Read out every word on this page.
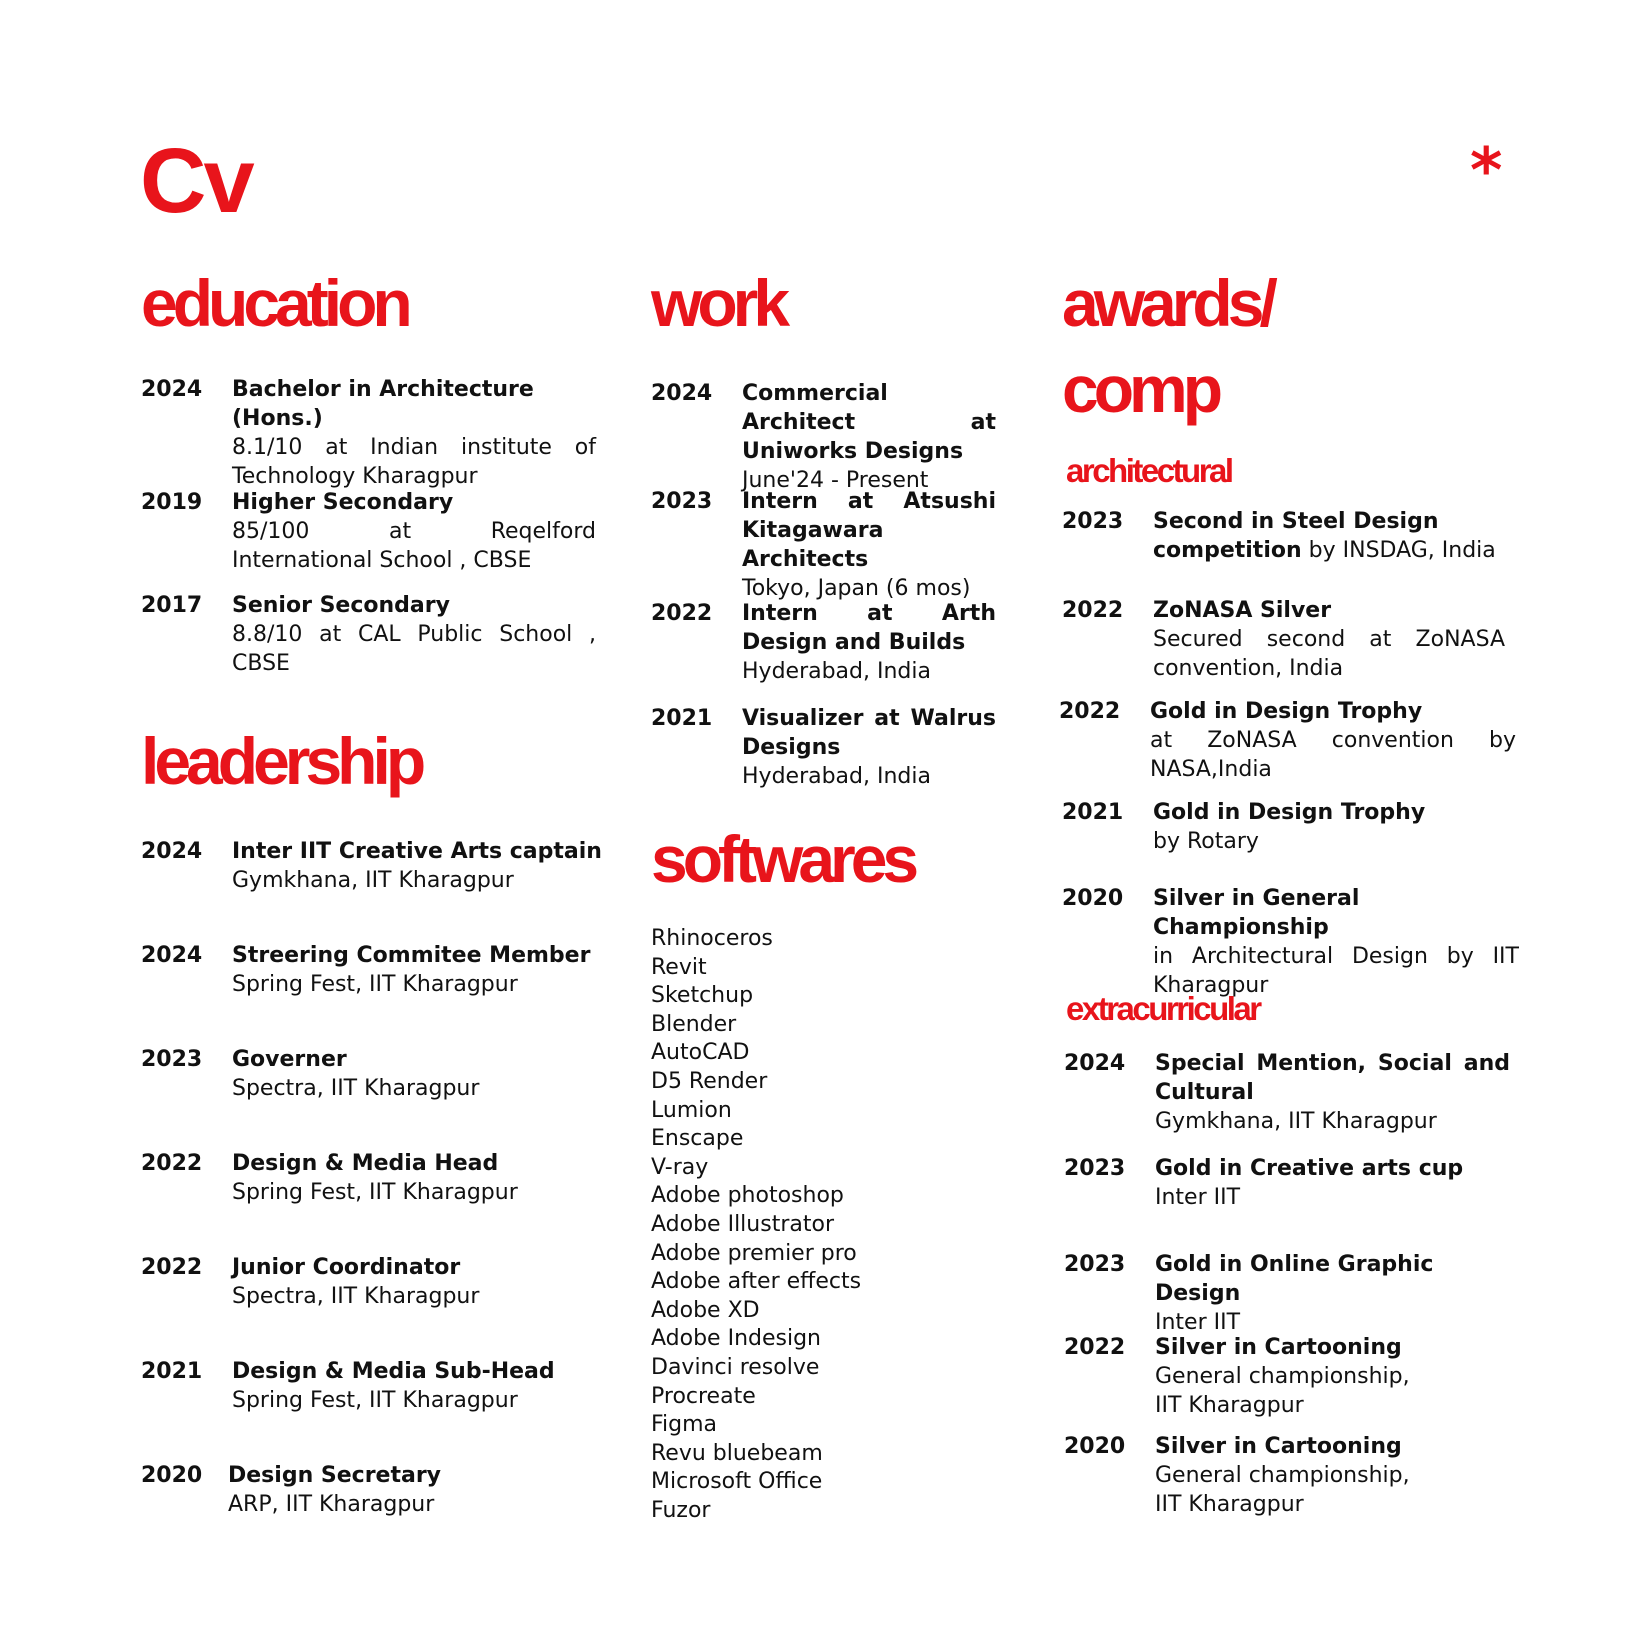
Cv	*
education
2024	Bachelor in Architecture (Hons.)
8.1/10 at Indian institute of Technology Kharagpur
2019	Higher Secondary
85/100 at Reqelford International School , CBSE
2017	Senior Secondary
8.8/10 at CAL Public School , CBSE
leadership
2024	Inter IIT Creative Arts captain
Gymkhana, IIT Kharagpur
2024	Streering Commitee Member
Spring Fest, IIT Kharagpur
2023	Governer
Spectra, IIT Kharagpur
2022	Design & Media Head
Spring Fest, IIT Kharagpur
2022	Junior Coordinator
Spectra, IIT Kharagpur
2021	Design & Media Sub-Head
Spring Fest, IIT Kharagpur
2020	Design Secretary
ARP, IIT Kharagpur
work
2024	Commercial Architect at Uniworks Designs
June'24 - Present
2023	Intern at Atsushi Kitagawara Architects
Tokyo, Japan (6 mos)
2022	Intern at Arth Design and Builds
Hyderabad, India
2021	Visualizer at Walrus Designs
Hyderabad, India
softwares
Rhinoceros
Revit
Sketchup
Blender
AutoCAD
D5 Render
Lumion
Enscape
V-ray
Adobe photoshop
Adobe Illustrator
Adobe premier pro
Adobe after effects
Adobe XD
Adobe Indesign
Davinci resolve
Procreate
Figma
Revu bluebeam
Microsoft Office
Fuzor
awards/
comp
architectural
2023	Second in Steel Design competition by INSDAG, India
2022	ZoNASA Silver
Secured second at ZoNASA convention, India
2022	Gold in Design Trophy
at ZoNASA convention by NASA,India
2021	Gold in Design Trophy
by Rotary
2020	Silver in General Championship
in Architectural Design by IIT Kharagpur
extracurricular
2024	Special Mention, Social and Cultural
Gymkhana, IIT Kharagpur
2023	Gold in Creative arts cup
Inter IIT
2023	Gold in Online Graphic Design
Inter IIT
2022	Silver in Cartooning
General championship, IIT Kharagpur
2020	Silver in Cartooning
General championship, IIT Kharagpur
